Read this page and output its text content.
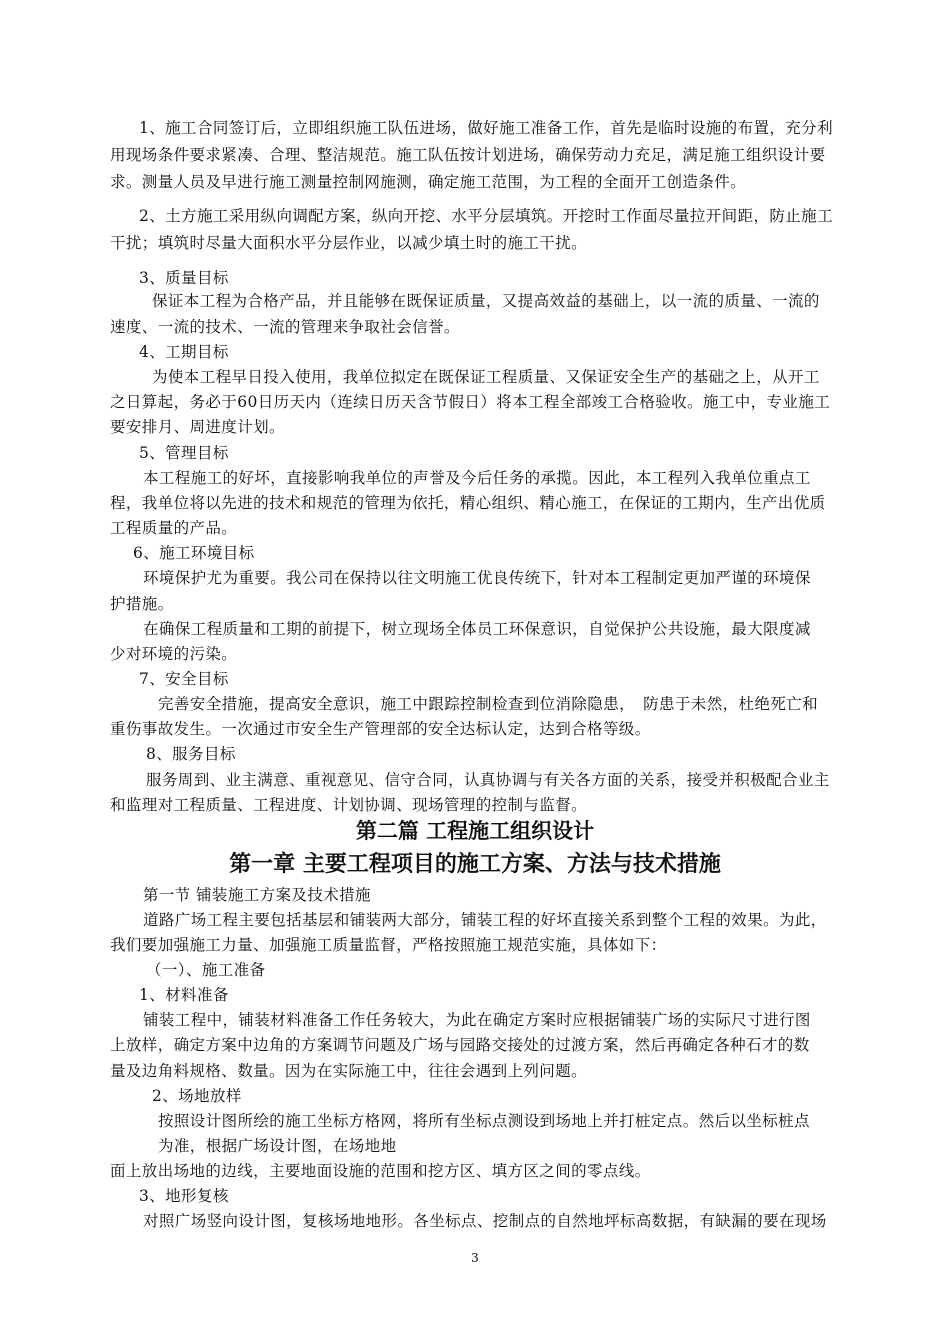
1、施工合同签订后，立即组织施工队伍进场，做好施工准备工作，首先是临时设施的布置，充分利

用现场条件要求紧凑、合理、整洁规范。施工队伍按计划进场，确保劳动力充足，满足施工组织设计要

求。测量人员及早进行施工测量控制网施测，确定施工范围，为工程的全面开工创造条件。

2、土方施工采用纵向调配方案，纵向开挖、水平分层填筑。开挖时工作面尽量拉开间距，防止施工

干扰；填筑时尽量大面积水平分层作业，以减少填土时的施工干扰。

3、质量目标

保证本工程为合格产品，并且能够在既保证质量，又提高效益的基础上，以一流的质量、一流的

速度、一流的技术、一流的管理来争取社会信誉。

4、工期目标

为使本工程早日投入使用，我单位拟定在既保证工程质量、又保证安全生产的基础之上，从开工

之日算起，务必于60日历天内（连续日历天含节假日）将本工程全部竣工合格验收。施工中，专业施工

要安排月、周进度计划。

5、管理目标

本工程施工的好坏，直接影响我单位的声誉及今后任务的承揽。因此，本工程列入我单位重点工

程，我单位将以先进的技术和规范的管理为依托，精心组织、精心施工，在保证的工期内，生产出优质

工程质量的产品。

6、施工环境目标

环境保护尤为重要。我公司在保持以往文明施工优良传统下，针对本工程制定更加严谨的环境保

护措施。

在确保工程质量和工期的前提下，树立现场全体员工环保意识，自觉保护公共设施，最大限度减

少对环境的污染。

7、安全目标

完善安全措施，提高安全意识，施工中跟踪控制检查到位消除隐患，　防患于未然，杜绝死亡和

重伤事故发生。一次通过市安全生产管理部的安全达标认定，达到合格等级。

8、服务目标

服务周到、业主满意、重视意见、信守合同，认真协调与有关各方面的关系，接受并积极配合业主

和监理对工程质量、工程进度、计划协调、现场管理的控制与监督。

第二篇 工程施工组织设计
第一章 主要工程项目的施工方案、方法与技术措施

第一节 铺装施工方案及技术措施

道路广场工程主要包括基层和铺装两大部分，铺装工程的好坏直接关系到整个工程的效果。为此，

我们要加强施工力量、加强施工质量监督，严格按照施工规范实施，具体如下：

（一）、施工准备

1、材料准备

铺装工程中，铺装材料准备工作任务较大，为此在确定方案时应根据铺装广场的实际尺寸进行图

上放样，确定方案中边角的方案调节问题及广场与园路交接处的过渡方案，然后再确定各种石才的数

量及边角料规格、数量。因为在实际施工中，往往会遇到上列问题。

2、场地放样

按照设计图所绘的施工坐标方格网，将所有坐标点测设到场地上并打桩定点。然后以坐标桩点

为准，根据广场设计图，在场地地

面上放出场地的边线，主要地面设施的范围和挖方区、填方区之间的零点线。

3、地形复核

对照广场竖向设计图，复核场地地形。各坐标点、挖制点的自然地坪标高数据，有缺漏的要在现场

3
